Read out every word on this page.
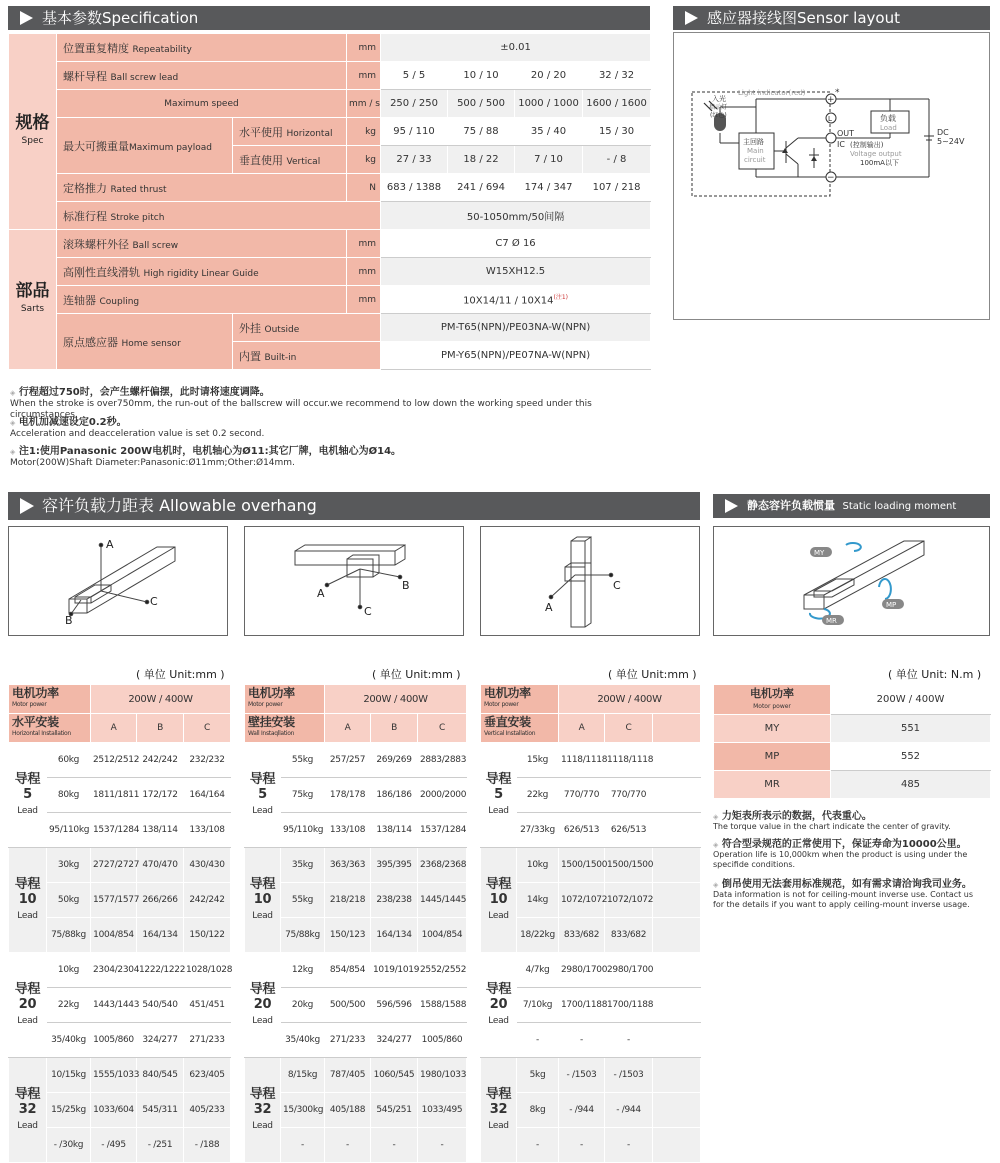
基本参数Specification
规格
Spec	位置重复精度 Repeatability		mm	±0.01			
	螺杆导程 Ball screw lead		mm	5 / 5	10 / 10	20 / 20	32 / 32
	Maximum speed		mm / s	250 / 250	500 / 500	1000 / 1000	1600 / 1600
	最大可搬重量Maximum payload	水平使用 Horizontal	kg	95 / 110	75 / 88	35 / 40	15 / 30
		垂直使用 Vertical	kg	27 / 33	18 / 22	7 / 10	- / 8
	定格推力 Rated thrust		N	683 / 1388	241 / 694	174 / 347	107 / 218
	标准行程 Stroke pitch			50-1050mm/50间隔			
部品
Sarts	滚珠螺杆外径 Ball screw		mm	C7 Ø 16			
	高刚性直线滑轨 High rigidity Linear Guide		mm	W15XH12.5			
	连轴器 Coupling		mm	$10X14/11 / 10X14^{(注1)}$
	原点感应器 Home sensor	外挂 Outside		PM-T65(NPN)/PE03NA-W(NPN)			
		内置 Built-in		PM-Y65(NPN)/PE07NA-W(NPN)			
感应器接线图Sensor layout
Light indicator(red)
入光
指示灯
(红色)
主回路
Main
circuit
负载
Load
OUT
IC (控制输出)
Voltage output
100mA以下
DC
5~24V
*
+
L
−
◈ 行程超过750时，会产生螺杆偏摆，此时请将速度调降。
When the stroke is over750mm, the run-out of the ballscrew will occur.we recommend to low down the working speed under this circumstances.
◈ 电机加减速设定0.2秒。
Acceleration and deacceleration value is set 0.2 second.
◈ 注1:使用Panasonic 200W电机时，电机轴心为Ø11:其它厂牌，电机轴心为Ø14。
Motor(200W)Shaft Diameter:Panasonic:Ø11mm;Other:Ø14mm.
容许负载力距表 Allowable overhang	静态容许负载惯量 Static loading moment
A
C
B
A
C
B
A
C
MY
MP
MR
( 单位 Unit:mm )	( 单位 Unit:mm )	( 单位 Unit:mm )	( 单位 Unit: N.m )
电机功率
Motor power		200W / 400W		
水平安装
Horizontal Installation		A	B	C
导程
5
Lead	60kg	2512/2512	242/242	232/232
	80kg	1811/1811	172/172	164/164
	95/110kg	1537/1284	138/114	133/108
导程
10
Lead	30kg	2727/2727	470/470	430/430
	50kg	1577/1577	266/266	242/242
	75/88kg	1004/854	164/134	150/122
导程
20
Lead	10kg	2304/2304	1222/1222	1028/1028
	22kg	1443/1443	540/540	451/451
	35/40kg	1005/860	324/277	271/233
导程
32
Lead	10/15kg	1555/1033	840/545	623/405
	15/25kg	1033/604	545/311	405/233
	- /30kg	- /495	- /251	- /188
电机功率
Motor power		200W / 400W		
壁挂安装
Wall Instaqllation		A	B	C
导程
5
Lead	55kg	257/257	269/269	2883/2883
	75kg	178/178	186/186	2000/2000
	95/110kg	133/108	138/114	1537/1284
导程
10
Lead	35kg	363/363	395/395	2368/2368
	55kg	218/218	238/238	1445/1445
	75/88kg	150/123	164/134	1004/854
导程
20
Lead	12kg	854/854	1019/1019	2552/2552
	20kg	500/500	596/596	1588/1588
	35/40kg	271/233	324/277	1005/860
导程
32
Lead	8/15kg	787/405	1060/545	1980/1033
	15/300kg	405/188	545/251	1033/495
	-	-	-	-
电机功率
Motor power		200W / 400W		
垂直安装
Vertical Installation		A	C	
导程
5
Lead	15kg	1118/1118	1118/1118	
	22kg	770/770	770/770	
	27/33kg	626/513	626/513	
导程
10
Lead	10kg	1500/1500	1500/1500	
	14kg	1072/1072	1072/1072	
	18/22kg	833/682	833/682	
导程
20
Lead	4/7kg	2980/1700	2980/1700	
	7/10kg	1700/1188	1700/1188	
	-	-	-	
导程
32
Lead	5kg	- /1503	- /1503	
	8kg	- /944	- /944	
	-	-	-	
电机功率
Motor power	200W / 400W
MY	551
MP	552
MR	485
◈ 力矩表所表示的数据，代表重心。
The torque value in the chart indicate the center of gravity.
◈ 符合型录规范的正常使用下，保证寿命为10000公里。
Operation life is 10,000km when the product is using under the
specifide conditions.
◈ 倒吊使用无法套用标准规范，如有需求请洽询我司业务。
Data information is not for ceiling-mount inverse use. Contact us
for the details if you want to apply ceiling-mount inverse usage.
